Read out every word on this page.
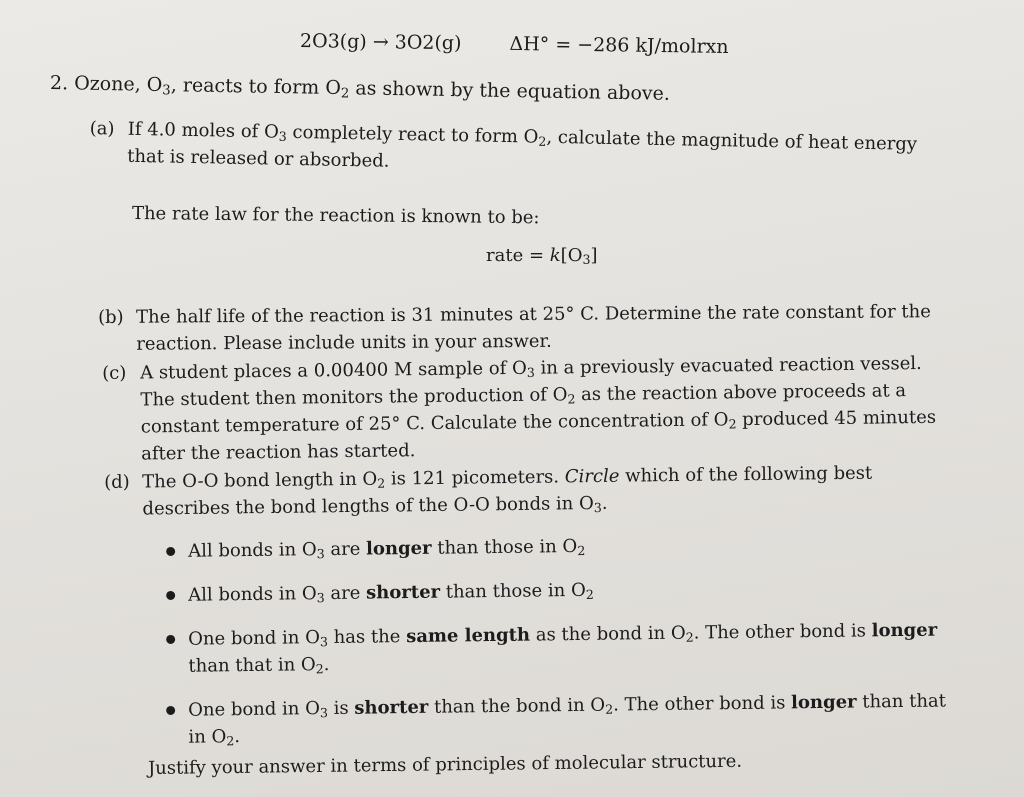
2O3(g) → 3O2(g)	ΔH° = −286 kJ/molrxn
2. Ozone, $O_3$, reacts to form $O_2$ as shown by the equation above.
(a) If 4.0 moles of $O_3$ completely react to form $O_2$, calculate the magnitude of heat energy that is released or absorbed.
The rate law for the reaction is known to be:
rate = $k[O_3]$
(b) The half life of the reaction is 31 minutes at 25° C. Determine the rate constant for the reaction. Please include units in your answer.
(c) A student places a 0.00400 M sample of $O_3$ in a previously evacuated reaction vessel. The student then monitors the production of $O_2$ as the reaction above proceeds at a constant temperature of 25° C. Calculate the concentration of $O_2$ produced 45 minutes after the reaction has started.
(d) The O-O bond length in $O_2$ is 121 picometers. Circle which of the following best describes the bond lengths of the O-O bonds in $O_3$.
All bonds in $O_3$ are longer than those in $O_2$
All bonds in $O_3$ are shorter than those in $O_2$
One bond in $O_3$ has the same length as the bond in $O_2$. The other bond is longer than that in $O_2$.
One bond in $O_3$ is shorter than the bond in $O_2$. The other bond is longer than that in $O_2$.
Justify your answer in terms of principles of molecular structure.
